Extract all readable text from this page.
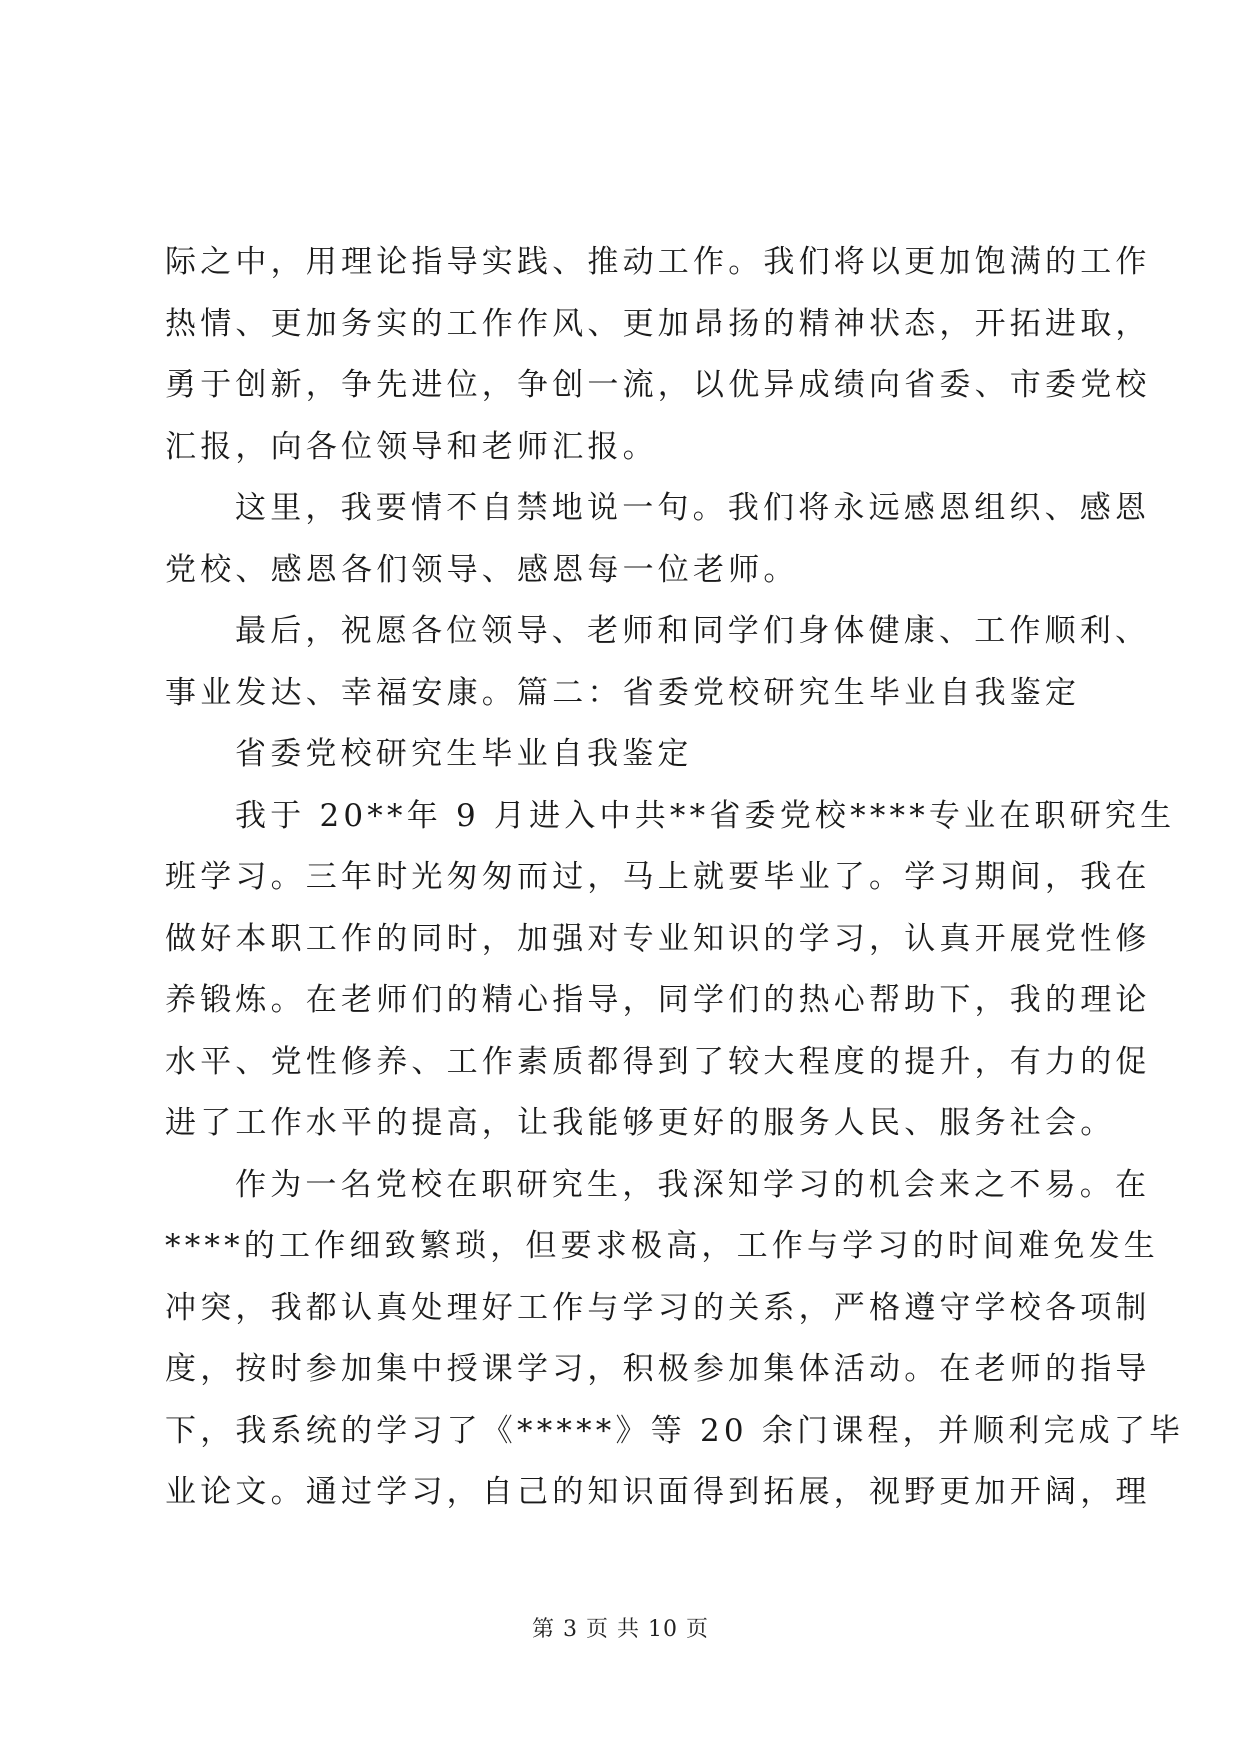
际之中，用理论指导实践、推动工作。我们将以更加饱满的工作
热情、更加务实的工作作风、更加昂扬的精神状态，开拓进取，
勇于创新，争先进位，争创一流，以优异成绩向省委、市委党校
汇报，向各位领导和老师汇报。
这里，我要情不自禁地说一句。我们将永远感恩组织、感恩
党校、感恩各们领导、感恩每一位老师。
最后，祝愿各位领导、老师和同学们身体健康、工作顺利、
事业发达、幸福安康。篇二：省委党校研究生毕业自我鉴定
省委党校研究生毕业自我鉴定
我于 20**年 9 月进入中共**省委党校****专业在职研究生
班学习。三年时光匆匆而过，马上就要毕业了。学习期间，我在
做好本职工作的同时，加强对专业知识的学习，认真开展党性修
养锻炼。在老师们的精心指导，同学们的热心帮助下，我的理论
水平、党性修养、工作素质都得到了较大程度的提升，有力的促
进了工作水平的提高，让我能够更好的服务人民、服务社会。
作为一名党校在职研究生，我深知学习的机会来之不易。在
****的工作细致繁琐，但要求极高，工作与学习的时间难免发生
冲突，我都认真处理好工作与学习的关系，严格遵守学校各项制
度，按时参加集中授课学习，积极参加集体活动。在老师的指导
下，我系统的学习了《*****》等 20 余门课程，并顺利完成了毕
业论文。通过学习，自己的知识面得到拓展，视野更加开阔，理
第 3 页 共 10 页
